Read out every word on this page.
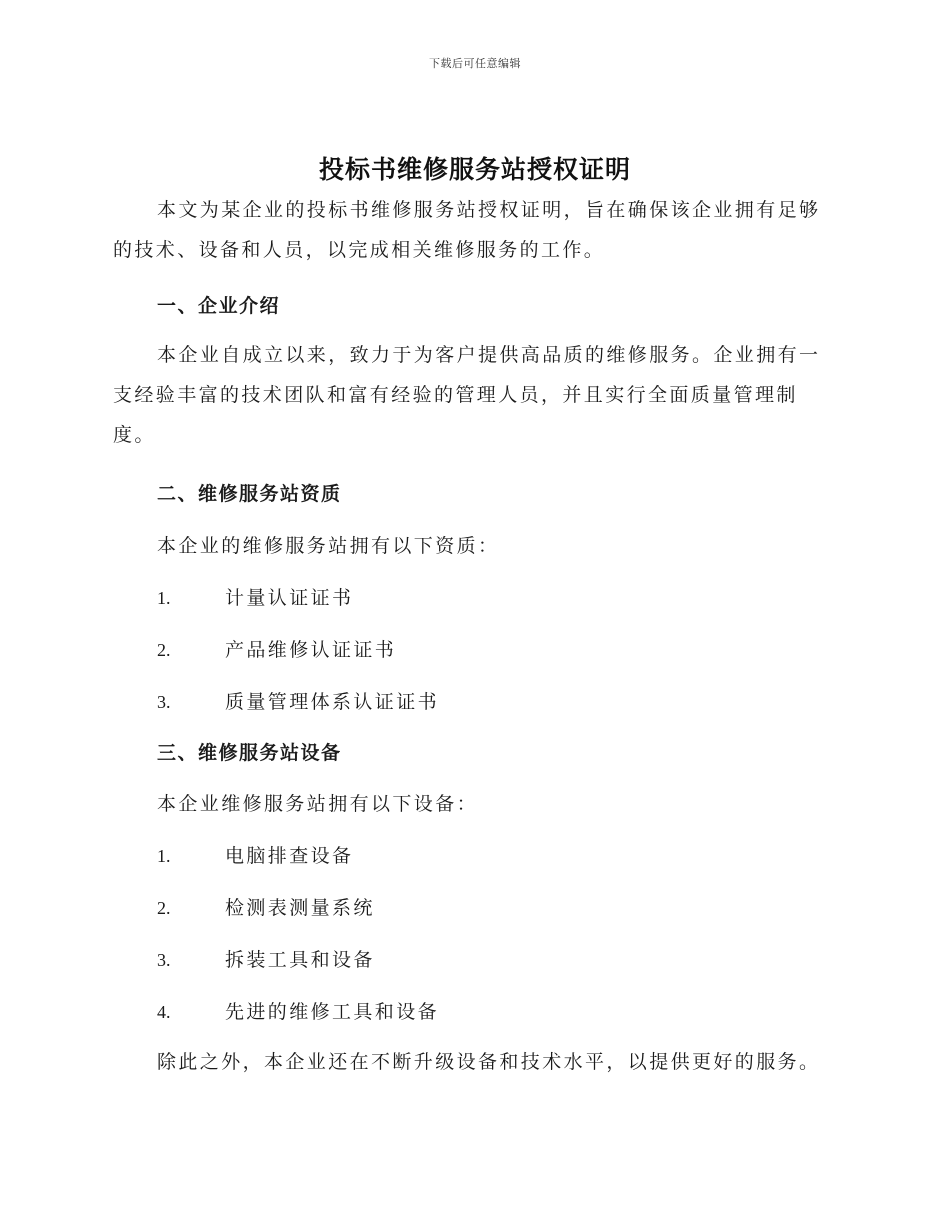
下载后可任意编辑
投标书维修服务站授权证明

本文为某企业的投标书维修服务站授权证明，旨在确保该企业拥有足够的技术、设备和人员，以完成相关维修服务的工作。

一、企业介绍

本企业自成立以来，致力于为客户提供高品质的维修服务。企业拥有一支经验丰富的技术团队和富有经验的管理人员，并且实行全面质量管理制度。

二、维修服务站资质

本企业的维修服务站拥有以下资质：

1.	计量认证证书

2.	产品维修认证证书

3.	质量管理体系认证证书

三、维修服务站设备

本企业维修服务站拥有以下设备：

1.	电脑排查设备

2.	检测表测量系统

3.	拆装工具和设备

4.	先进的维修工具和设备

除此之外，本企业还在不断升级设备和技术水平，以提供更好的服务。
